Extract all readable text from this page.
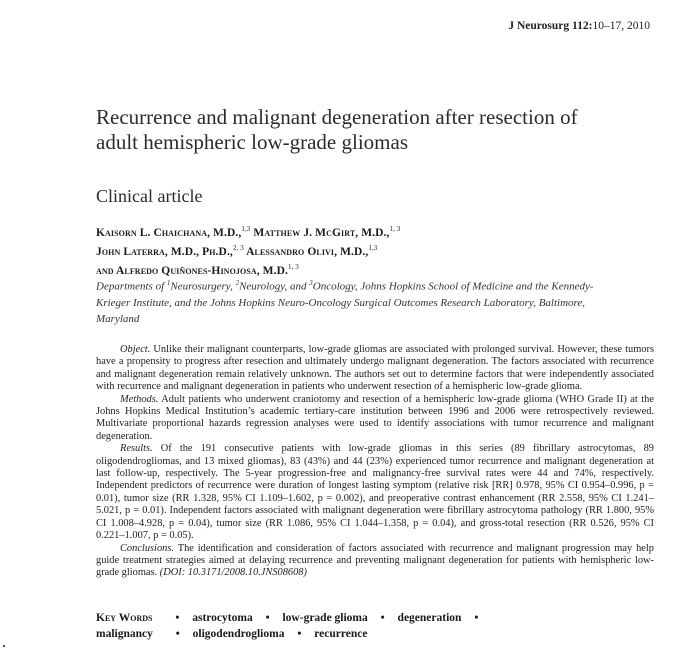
J Neurosurg 112:10–17, 2010
Recurrence and malignant degeneration after resection of
adult hemispheric low-grade gliomas
Clinical article
Kaisorn L. Chaichana, M.D.,$^{1,3}$ Matthew J. McGirt, M.D.,$^{1, 3}$
John Laterra, M.D., Ph.D.,$^{2, 3}$ Alessandro Olivi, M.D.,$^{1,3}$
and Alfredo Quiñones-Hinojosa, M.D.$^{1, 3}$
Departments of $^1$Neurosurgery, $^2$Neurology, and $^3$Oncology, Johns Hopkins School of Medicine and the Kennedy-Krieger Institute, and the Johns Hopkins Neuro-Oncology Surgical Outcomes Research Laboratory, Baltimore, Maryland

Object. Unlike their malignant counterparts, low-grade gliomas are associated with prolonged survival. However, these tumors have a propensity to progress after resection and ultimately undergo malignant degeneration. The factors associated with recurrence and malignant degeneration remain relatively unknown. The authors set out to determine factors that were independently associated with recurrence and malignant degeneration in patients who underwent resection of a hemispheric low-grade glioma.

Methods. Adult patients who underwent craniotomy and resection of a hemispheric low-grade glioma (WHO Grade II) at the Johns Hopkins Medical Institution’s academic tertiary-care institution between 1996 and 2006 were retrospectively reviewed. Multivariate proportional hazards regression analyses were used to identify associations with tumor recurrence and malignant degeneration.

Results. Of the 191 consecutive patients with low-grade gliomas in this series (89 fibrillary astrocytomas, 89 oligodendrogliomas, and 13 mixed gliomas), 83 (43%) and 44 (23%) experienced tumor recurrence and malignant degeneration at last follow-up, respectively. The 5-year progression-free and malignancy-free survival rates were 44 and 74%, respectively. Independent predictors of recurrence were duration of longest lasting symptom (relative risk [RR] 0.978, 95% CI 0.954–0.996, p = 0.01), tumor size (RR 1.328, 95% CI 1.109–1.602, p = 0.002), and preoperative contrast enhancement (RR 2.558, 95% CI 1.241–5.021, p = 0.01). Independent factors associated with malignant degeneration were fibrillary astrocytoma pathology (RR 1.800, 95% CI 1.008–4.928, p = 0.04), tumor size (RR 1.086, 95% CI 1.044–1.358, p = 0.04), and gross-total resection (RR 0.526, 95% CI 0.221–1.007, p = 0.05).

Conclusions. The identification and consideration of factors associated with recurrence and malignant progression may help guide treatment strategies aimed at delaying recurrence and preventing malignant degeneration for patients with hemispheric low-grade gliomas. (DOI: 10.3171/2008.10.JNS08608)

Key Words • astrocytoma • low-grade glioma • degeneration •
malignancy • oligodendroglioma • recurrence
